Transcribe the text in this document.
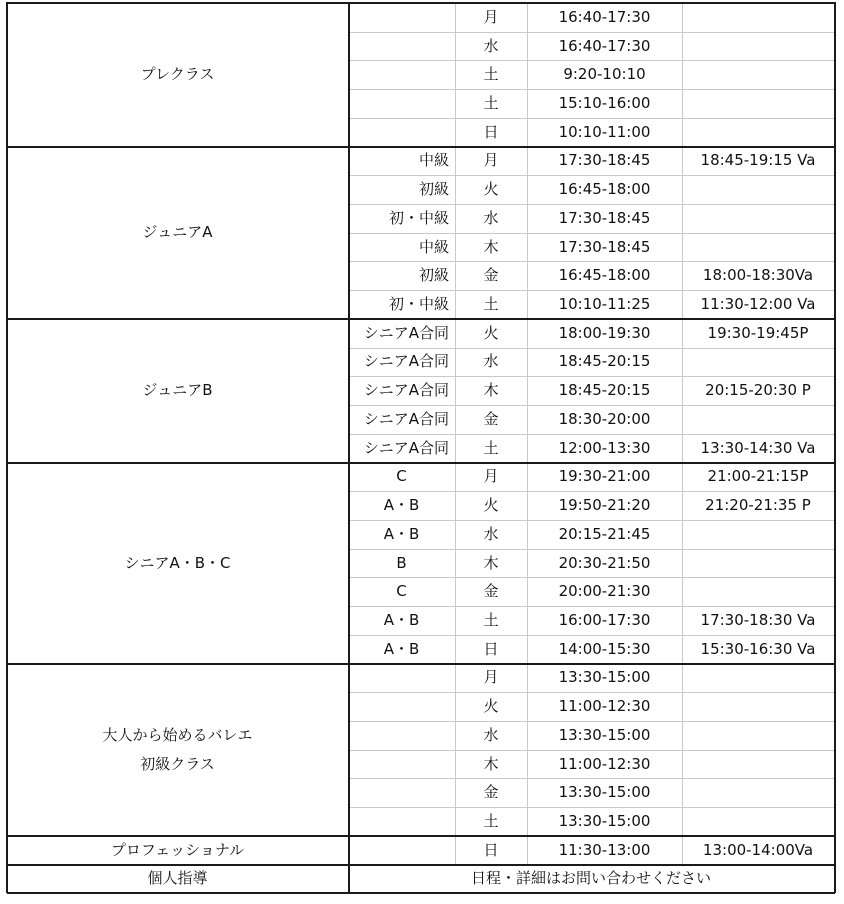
プレクラス
月	16:40-17:30
水	16:40-17:30
土	9:20-10:10
土	15:10-16:00
日	10:10-11:00
ジュニアA
中級	月	17:30-18:45	18:45-19:15 Va
初級	火	16:45-18:00
初・中級	水	17:30-18:45
中級	木	17:30-18:45
初級	金	16:45-18:00	18:00-18:30Va
初・中級	土	10:10-11:25	11:30-12:00 Va
ジュニアB
シニアA合同	火	18:00-19:30	19:30-19:45P
シニアA合同	水	18:45-20:15
シニアA合同	木	18:45-20:15	20:15-20:30 P
シニアA合同	金	18:30-20:00
シニアA合同	土	12:00-13:30	13:30-14:30 Va
シニアA・B・C
C	月	19:30-21:00	21:00-21:15P
A・B	火	19:50-21:20	21:20-21:35 P
A・B	水	20:15-21:45
B	木	20:30-21:50
C	金	20:00-21:30
A・B	土	16:00-17:30	17:30-18:30 Va
A・B	日	14:00-15:30	15:30-16:30 Va
大人から始めるバレエ
初級クラス
月	13:30-15:00
火	11:00-12:30
水	13:30-15:00
木	11:00-12:30
金	13:30-15:00
土	13:30-15:00
プロフェッショナル	日	11:30-13:00	13:00-14:00Va
個人指導	日程・詳細はお問い合わせください
